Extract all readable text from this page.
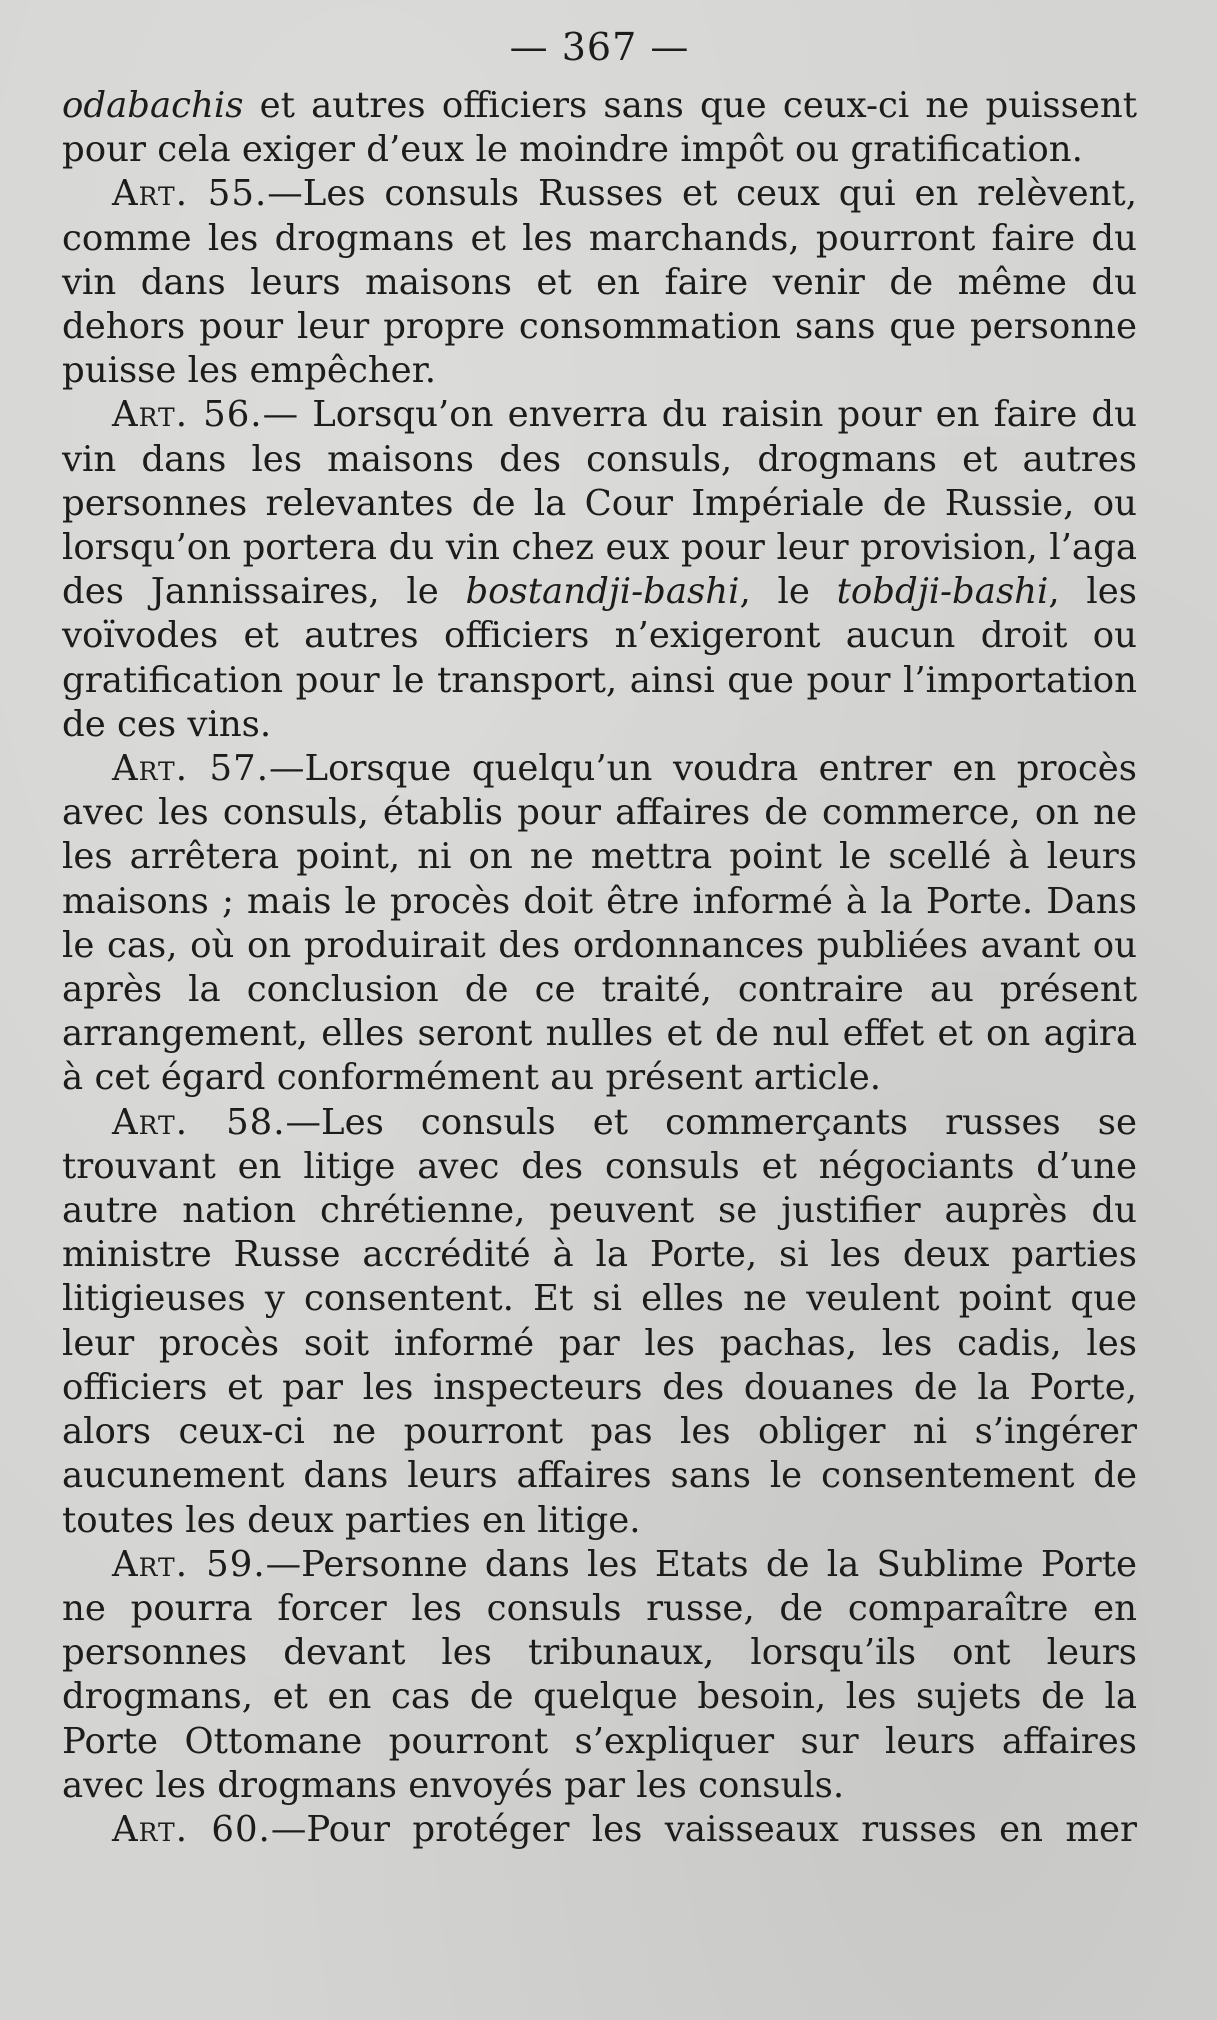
— 367 —

odabachis et autres officiers sans que ceux-ci ne puissent pour cela exiger d’eux le moindre impôt ou gratification.

Art. 55.—Les consuls Russes et ceux qui en relèvent, comme les drogmans et les marchands, pourront faire du vin dans leurs maisons et en faire venir de même du dehors pour leur propre consommation sans que personne puisse les empêcher.

Art. 56.— Lorsqu’on enverra du raisin pour en faire du vin dans les maisons des consuls, drogmans et autres personnes relevantes de la Cour Impériale de Russie, ou lorsqu’on portera du vin chez eux pour leur provision, l’aga des Jannissaires, le bostandji-bashi, le tobdji-bashi, les voïvodes et autres officiers n’exigeront aucun droit ou gratification pour le transport, ainsi que pour l’importation de ces vins.

Art. 57.—Lorsque quelqu’un voudra entrer en procès avec les consuls, établis pour affaires de commerce, on ne les arrêtera point, ni on ne mettra point le scellé à leurs maisons ; mais le procès doit être informé à la Porte. Dans le cas, où on produirait des ordonnances publiées avant ou après la conclusion de ce traité, contraire au présent arrangement, elles seront nulles et de nul effet et on agira à cet égard conformément au présent article.

Art. 58.—Les consuls et commerçants russes se trouvant en litige avec des consuls et négociants d’une autre nation chrétienne, peuvent se justifier auprès du ministre Russe accrédité à la Porte, si les deux parties litigieuses y consentent. Et si elles ne veulent point que leur procès soit informé par les pachas, les cadis, les officiers et par les inspecteurs des douanes de la Porte, alors ceux-ci ne pourront pas les obliger ni s’ingérer aucunement dans leurs affaires sans le consentement de toutes les deux parties en litige.

Art. 59.—Personne dans les Etats de la Sublime Porte ne pourra forcer les consuls russe, de comparaître en personnes devant les tribunaux, lorsqu’ils ont leurs drogmans, et en cas de quelque besoin, les sujets de la Porte Ottomane pourront s’expliquer sur leurs affaires avec les drogmans envoyés par les consuls.

Art. 60.—Pour protéger les vaisseaux russes en mer
